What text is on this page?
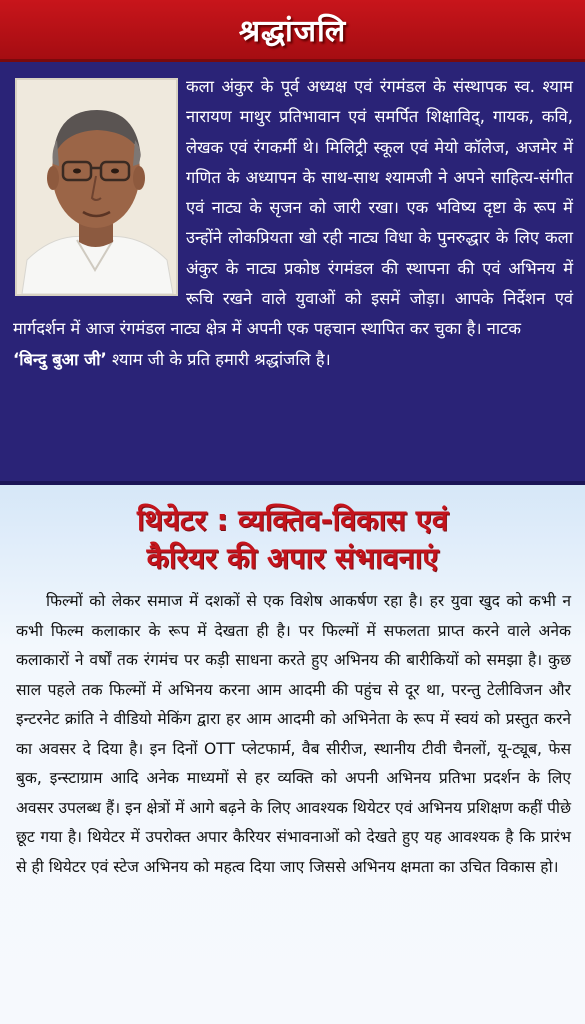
श्रद्धांजलि

कला अंकुर के पूर्व अध्यक्ष एवं रंगमंडल के संस्थापक स्व. श्याम नारायण माथुर प्रतिभावान एवं समर्पित शिक्षाविद्, गायक, कवि, लेखक एवं रंगकर्मी थे। मिलिट्री स्कूल एवं मेयो कॉलेज, अजमेर में गणित के अध्यापन के साथ-साथ श्यामजी ने अपने साहित्य-संगीत एवं नाट्य के सृजन को जारी रखा। एक भविष्य दृष्टा के रूप में उन्होंने लोकप्रियता खो रही नाट्य विधा के पुनरुद्धार के लिए कला अंकुर के नाट्य प्रकोष्ठ रंगमंडल की स्थापना की एवं अभिनय में रूचि रखने वाले युवाओं को इसमें जोड़ा। आपके निर्देशन एवं मार्गदर्शन में आज रंगमंडल नाट्य क्षेत्र में अपनी एक पहचान स्थापित कर चुका है। नाटक
‘बिन्दु बुआ जी’ श्याम जी के प्रति हमारी श्रद्धांजलि है।

थियेटर : व्यक्तिव-विकास एवं
कैरियर की अपार संभावनाएं

फिल्मों को लेकर समाज में दशकों से एक विशेष आकर्षण रहा है। हर युवा खुद को कभी न कभी फिल्म कलाकार के रूप में देखता ही है। पर फिल्मों में सफलता प्राप्त करने वाले अनेक कलाकारों ने वर्षों तक रंगमंच पर कड़ी साधना करते हुए अभिनय की बारीकियों को समझा है। कुछ साल पहले तक फिल्मों में अभिनय करना आम आदमी की पहुंच से दूर था, परन्तु टेलीविजन और इन्टरनेट क्रांति ने वीडियो मेकिंग द्वारा हर आम आदमी को अभिनेता के रूप में स्वयं को प्रस्तुत करने का अवसर दे दिया है। इन दिनों OTT प्लेटफार्म, वैब सीरीज, स्थानीय टीवी चैनलों, यू-ट्यूब, फेस बुक, इन्स्टाग्राम आदि अनेक माध्यमों से हर व्यक्ति को अपनी अभिनय प्रतिभा प्रदर्शन के लिए अवसर उपलब्ध हैं। इन क्षेत्रों में आगे बढ़ने के लिए आवश्यक थियेटर एवं अभिनय प्रशिक्षण कहीं पीछे छूट गया है। थियेटर में उपरोक्त अपार कैरियर संभावनाओं को देखते हुए यह आवश्यक है कि प्रारंभ से ही थियेटर एवं स्टेज अभिनय को महत्व दिया जाए जिससे अभिनय क्षमता का उचित विकास हो।
